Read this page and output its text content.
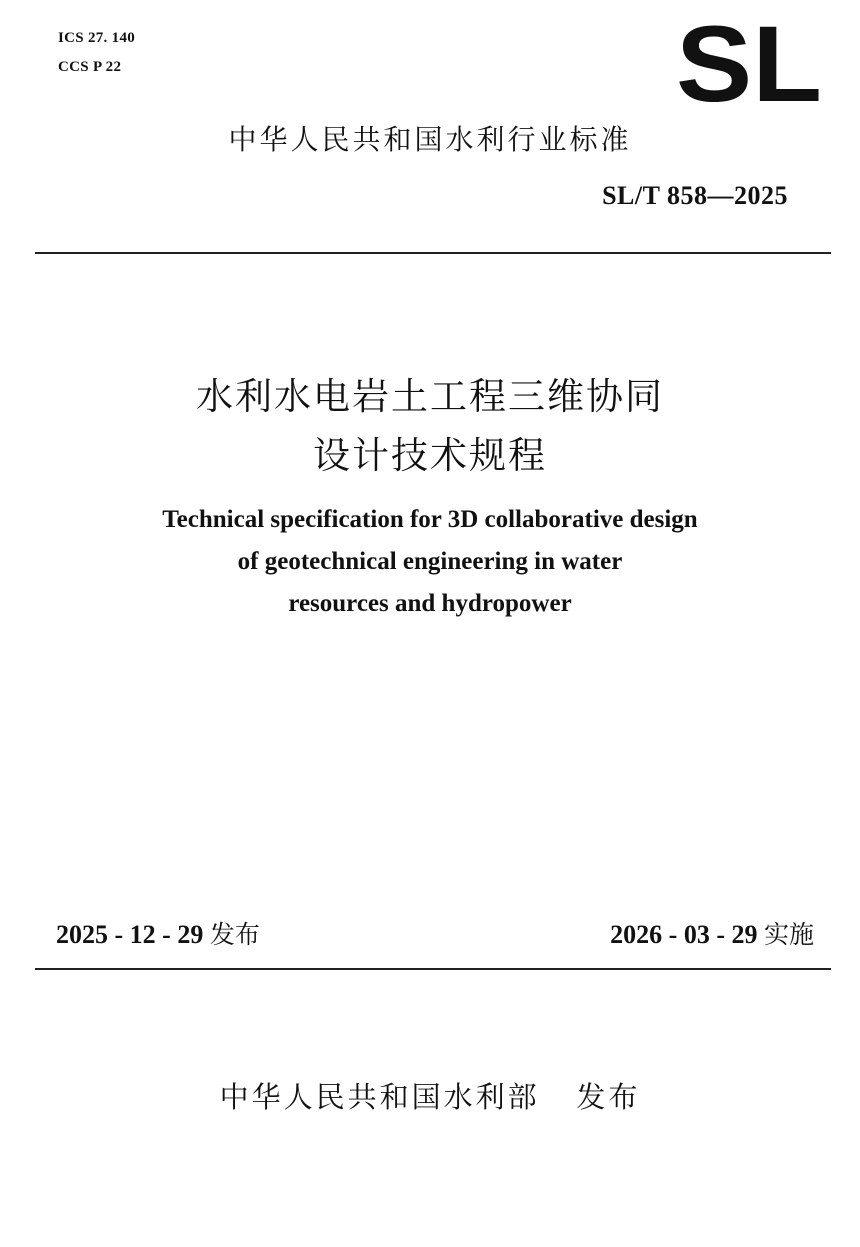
ICS 27. 140
CCS P 22	SL
中华人民共和国水利行业标准
SL/T 858—2025
水利水电岩土工程三维协同
设计技术规程
Technical specification for 3D collaborative design
of geotechnical engineering in water
resources and hydropower
2025 - 12 - 29 发布	2026 - 03 - 29 实施
中华人民共和国水利部   发布
